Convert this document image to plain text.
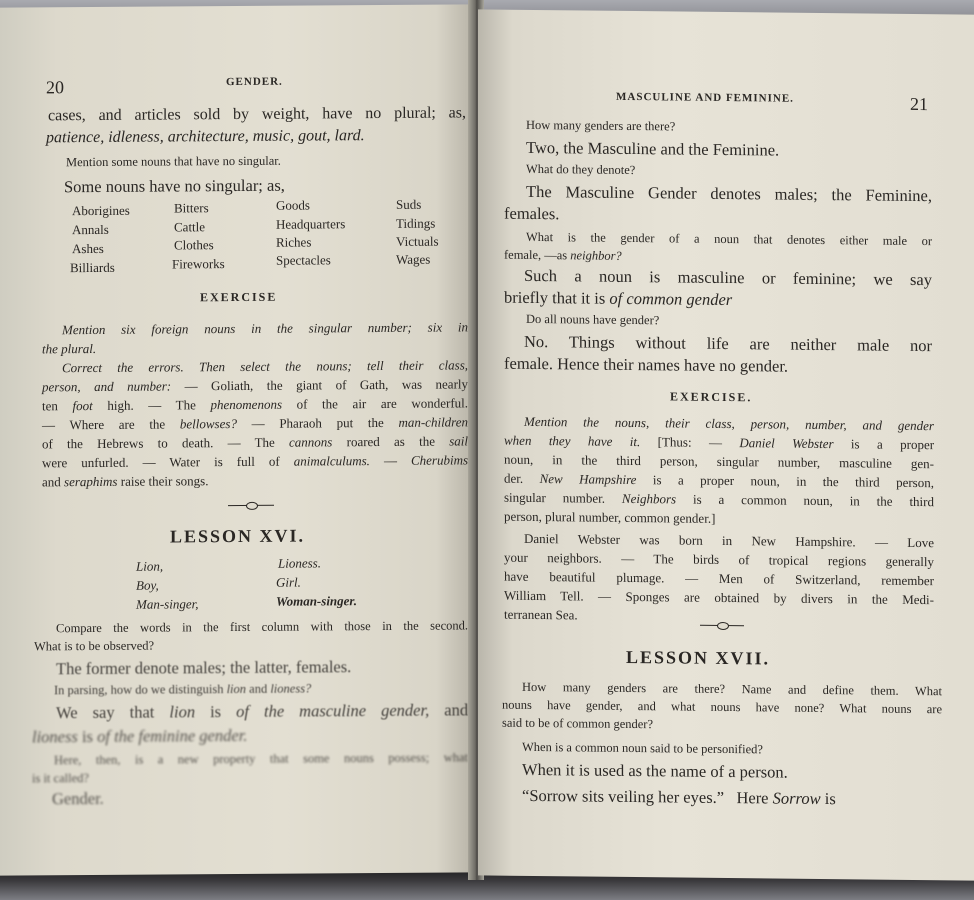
20	GENDER.
cases, and articles sold by weight, have no plural; as,
patience, idleness, architecture, music, gout, lard.
Mention some nouns that have no singular.
Some nouns have no singular; as,
Aborigines	Bitters	Goods	Suds
Annals	Cattle	Headquarters	Tidings
Ashes	Clothes	Riches	Victuals
Billiards	Fireworks	Spectacles	Wages
EXERCISE
Mention six foreign nouns in the singular number; six in
the plural.
Correct the errors. Then select the nouns; tell their class,
person, and number: — Goliath, the giant of Gath, was nearly
ten foot high. — The phenomenons of the air are wonderful.
— Where are the bellowses? — Pharaoh put the man-children
of the Hebrews to death. — The cannons roared as the sail
were unfurled. — Water is full of animalculums. — Cherubims
and seraphims raise their songs.
LESSON XVI.
Lion,	Lioness.
Boy,	Girl.
Man-singer,	Woman-singer.
Compare the words in the first column with those in the second.
What is to be observed?
The former denote males; the latter, females.
In parsing, how do we distinguish lion and lioness?
We say that lion is of the masculine gender, and
lioness is of the feminine gender.
Here, then, is a new property that some nouns possess; what
is it called?
Gender.
MASCULINE AND FEMININE.	21
How many genders are there?
Two, the Masculine and the Feminine.
What do they denote?
The Masculine Gender denotes males; the Feminine,
females.
What is the gender of a noun that denotes either male or
female, —as neighbor?
Such a noun is masculine or feminine; we say
briefly that it is of common gender
Do all nouns have gender?
No. Things without life are neither male nor
female. Hence their names have no gender.
EXERCISE.
Mention the nouns, their class, person, number, and gender
when they have it. [Thus: — Daniel Webster is a proper
noun, in the third person, singular number, masculine gen-
der. New Hampshire is a proper noun, in the third person,
singular number. Neighbors is a common noun, in the third
person, plural number, common gender.]
Daniel Webster was born in New Hampshire. — Love
your neighbors. — The birds of tropical regions generally
have beautiful plumage. — Men of Switzerland, remember
William Tell. — Sponges are obtained by divers in the Medi-
terranean Sea.
LESSON XVII.
How many genders are there? Name and define them. What
nouns have gender, and what nouns have none? What nouns are
said to be of common gender?
When is a common noun said to be personified?
When it is used as the name of a person.
“Sorrow sits veiling her eyes.” Here Sorrow is
